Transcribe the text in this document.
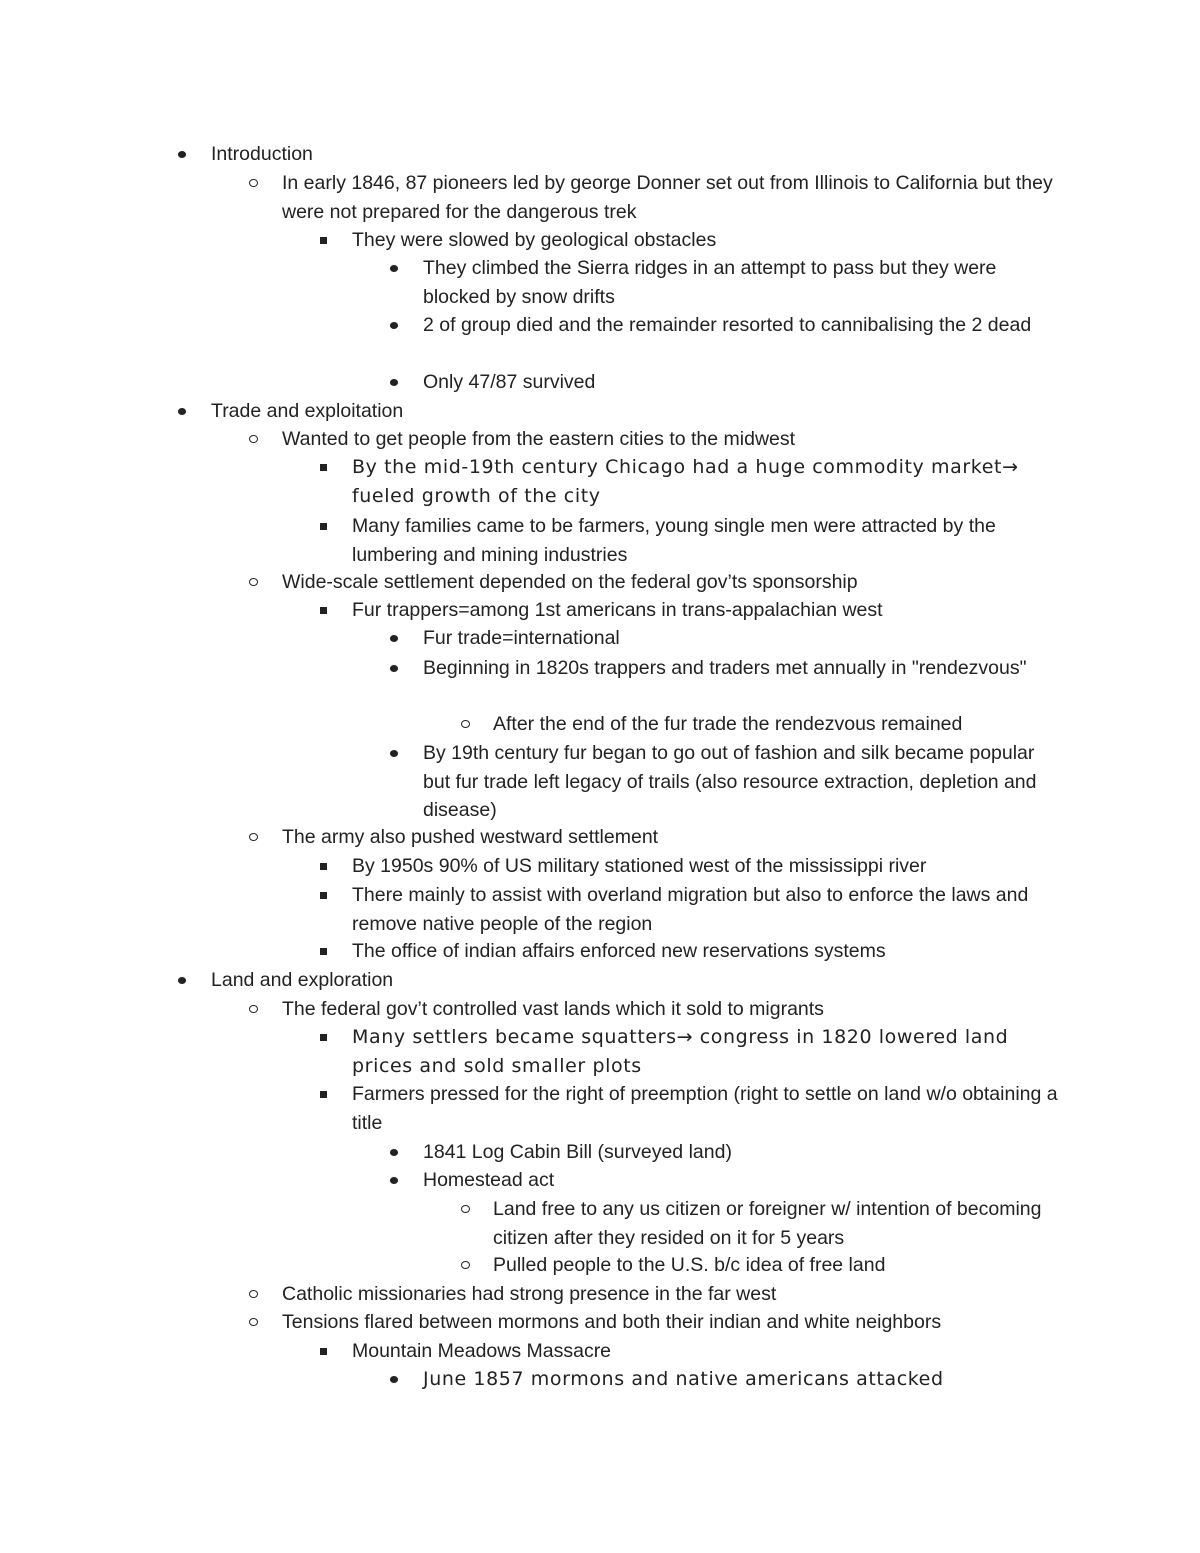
Introduction
In early 1846, 87 pioneers led by george Donner set out from Illinois to California but they were not prepared for the dangerous trek
They were slowed by geological obstacles
They climbed the Sierra ridges in an attempt to pass but they were blocked by snow drifts
2 of group died and the remainder resorted to cannibalising the 2 dead
Only 47/87 survived
Trade and exploitation
Wanted to get people from the eastern cities to the midwest
By the mid-19th century Chicago had a huge commodity market→ fueled growth of the city
Many families came to be farmers, young single men were attracted by the lumbering and mining industries
Wide-scale settlement depended on the federal gov’ts sponsorship
Fur trappers=among 1st americans in trans-appalachian west
Fur trade=international
Beginning in 1820s trappers and traders met annually in "rendezvous"
After the end of the fur trade the rendezvous remained
By 19th century fur began to go out of fashion and silk became popular but fur trade left legacy of trails (also resource extraction, depletion and disease)
The army also pushed westward settlement
By 1950s 90% of US military stationed west of the mississippi river
There mainly to assist with overland migration but also to enforce the laws and remove native people of the region
The office of indian affairs enforced new reservations systems
Land and exploration
The federal gov’t controlled vast lands which it sold to migrants
Many settlers became squatters→ congress in 1820 lowered land prices and sold smaller plots
Farmers pressed for the right of preemption (right to settle on land w/o obtaining a title
1841 Log Cabin Bill (surveyed land)
Homestead act
Land free to any us citizen or foreigner w/ intention of becoming citizen after they resided on it for 5 years
Pulled people to the U.S. b/c idea of free land
Catholic missionaries had strong presence in the far west
Tensions flared between mormons and both their indian and white neighbors
Mountain Meadows Massacre
June 1857 mormons and native americans attacked
